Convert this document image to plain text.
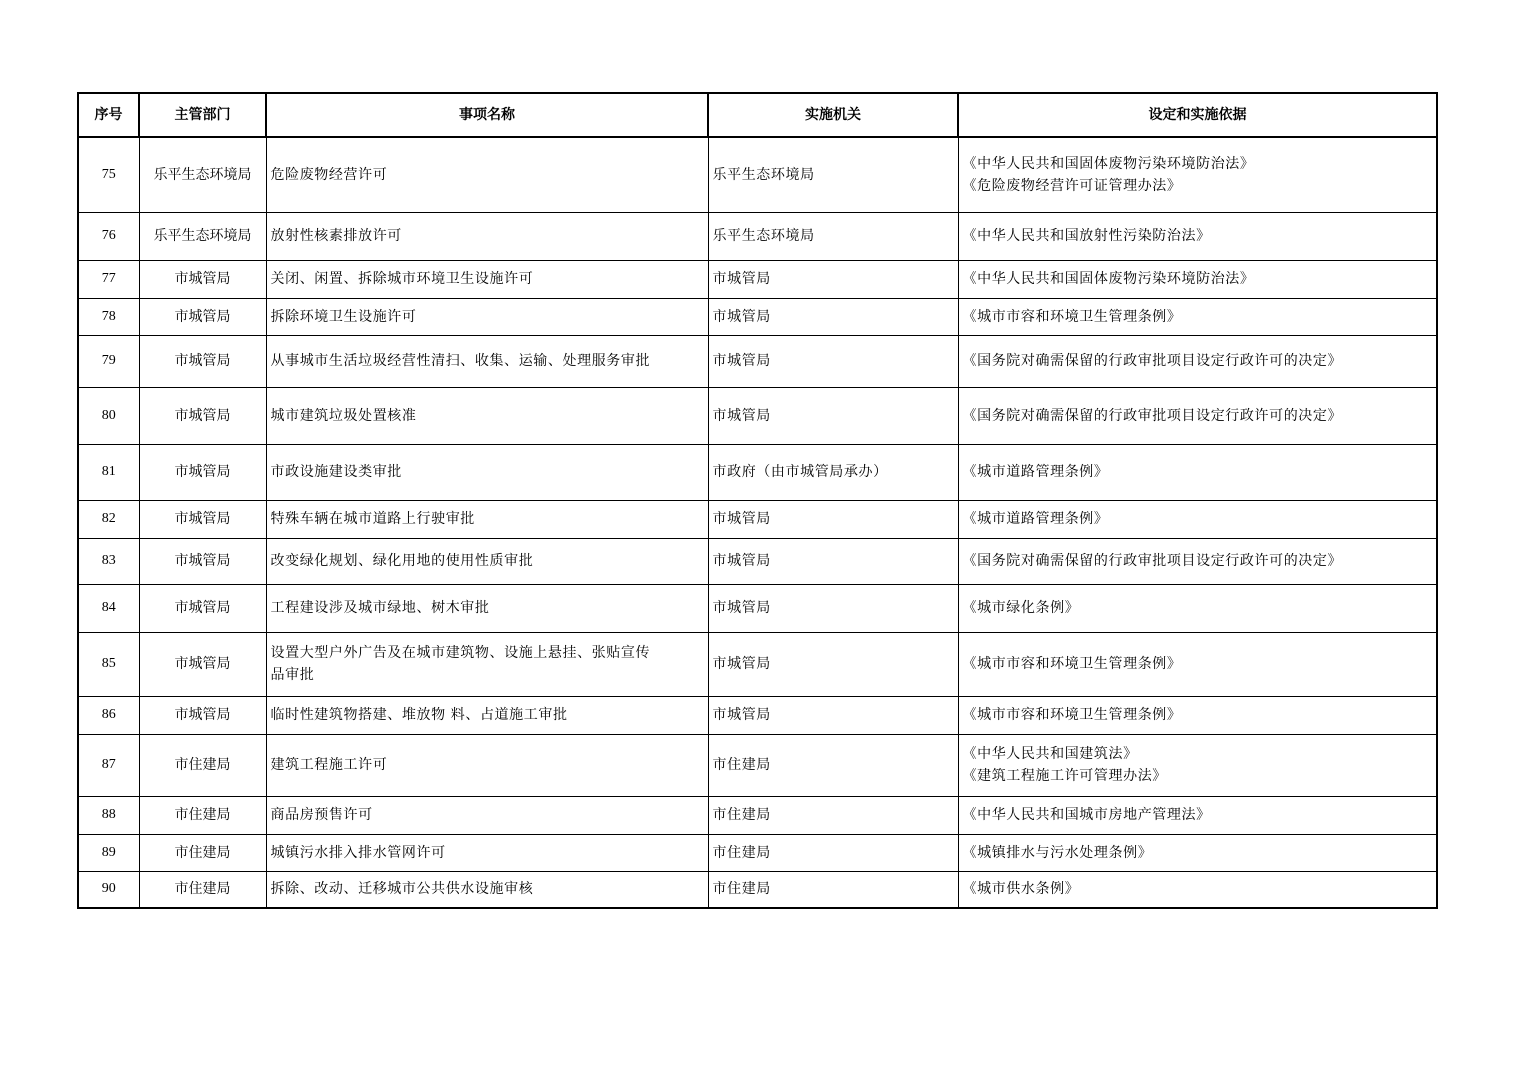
序号	主管部门	事项名称	实施机关	设定和实施依据
75	乐平生态环境局	危险废物经营许可	乐平生态环境局	《中华人民共和国固体废物污染环境防治法》
《危险废物经营许可证管理办法》

76	乐平生态环境局	放射性核素排放许可	乐平生态环境局	《中华人民共和国放射性污染防治法》

77	市城管局	关闭、闲置、拆除城市环境卫生设施许可	市城管局	《中华人民共和国固体废物污染环境防治法》

78	市城管局	拆除环境卫生设施许可	市城管局	《城市市容和环境卫生管理条例》

79	市城管局	从事城市生活垃圾经营性清扫、收集、运输、处理服务审批	市城管局	《国务院对确需保留的行政审批项目设定行政许可的决定》

80	市城管局	城市建筑垃圾处置核准	市城管局	《国务院对确需保留的行政审批项目设定行政许可的决定》

81	市城管局	市政设施建设类审批	市政府（由市城管局承办）	《城市道路管理条例》

82	市城管局	特殊车辆在城市道路上行驶审批	市城管局	《城市道路管理条例》

83	市城管局	改变绿化规划、绿化用地的使用性质审批	市城管局	《国务院对确需保留的行政审批项目设定行政许可的决定》

84	市城管局	工程建设涉及城市绿地、树木审批	市城管局	《城市绿化条例》

85	市城管局	设置大型户外广告及在城市建筑物、设施上悬挂、张贴宣传
品审批	市城管局	《城市市容和环境卫生管理条例》

86	市城管局	临时性建筑物搭建、堆放物 料、占道施工审批	市城管局	《城市市容和环境卫生管理条例》

87	市住建局	建筑工程施工许可	市住建局	《中华人民共和国建筑法》
《建筑工程施工许可管理办法》

88	市住建局	商品房预售许可	市住建局	《中华人民共和国城市房地产管理法》

89	市住建局	城镇污水排入排水管网许可	市住建局	《城镇排水与污水处理条例》

90	市住建局	拆除、改动、迁移城市公共供水设施审核	市住建局	《城市供水条例》
